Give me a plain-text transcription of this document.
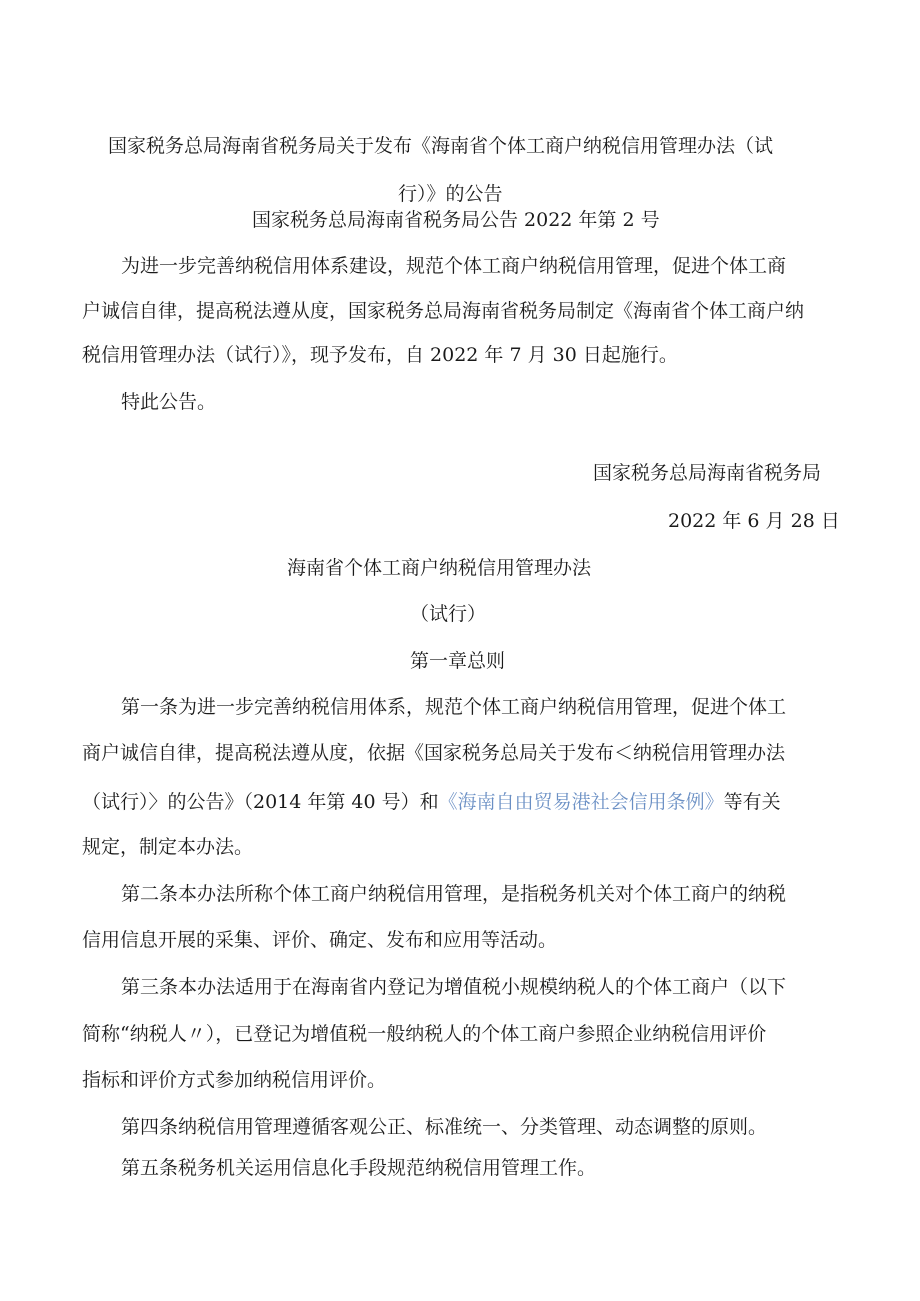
国家税务总局海南省税务局关于发布《海南省个体工商户纳税信用管理办法（试
行）》的公告
国家税务总局海南省税务局公告 2022 年第 2 号
为进一步完善纳税信用体系建设，规范个体工商户纳税信用管理，促进个体工商
户诚信自律，提高税法遵从度，国家税务总局海南省税务局制定《海南省个体工商户纳
税信用管理办法（试行）》，现予发布，自 2022 年 7 月 30 日起施行。
特此公告。
国家税务总局海南省税务局
2022 年 6 月 28 日
海南省个体工商户纳税信用管理办法
（试行）
第一章总则
第一条为进一步完善纳税信用体系，规范个体工商户纳税信用管理，促进个体工
商户诚信自律，提高税法遵从度，依据《国家税务总局关于发布＜纳税信用管理办法
（试行）〉的公告》（2014 年第 40 号）和《海南自由贸易港社会信用条例》等有关
规定，制定本办法。
第二条本办法所称个体工商户纳税信用管理，是指税务机关对个体工商户的纳税
信用信息开展的采集、评价、确定、发布和应用等活动。
第三条本办法适用于在海南省内登记为增值税小规模纳税人的个体工商户（以下
简称“纳税人〃），已登记为增值税一般纳税人的个体工商户参照企业纳税信用评价
指标和评价方式参加纳税信用评价。
第四条纳税信用管理遵循客观公正、标准统一、分类管理、动态调整的原则。
第五条税务机关运用信息化手段规范纳税信用管理工作。
